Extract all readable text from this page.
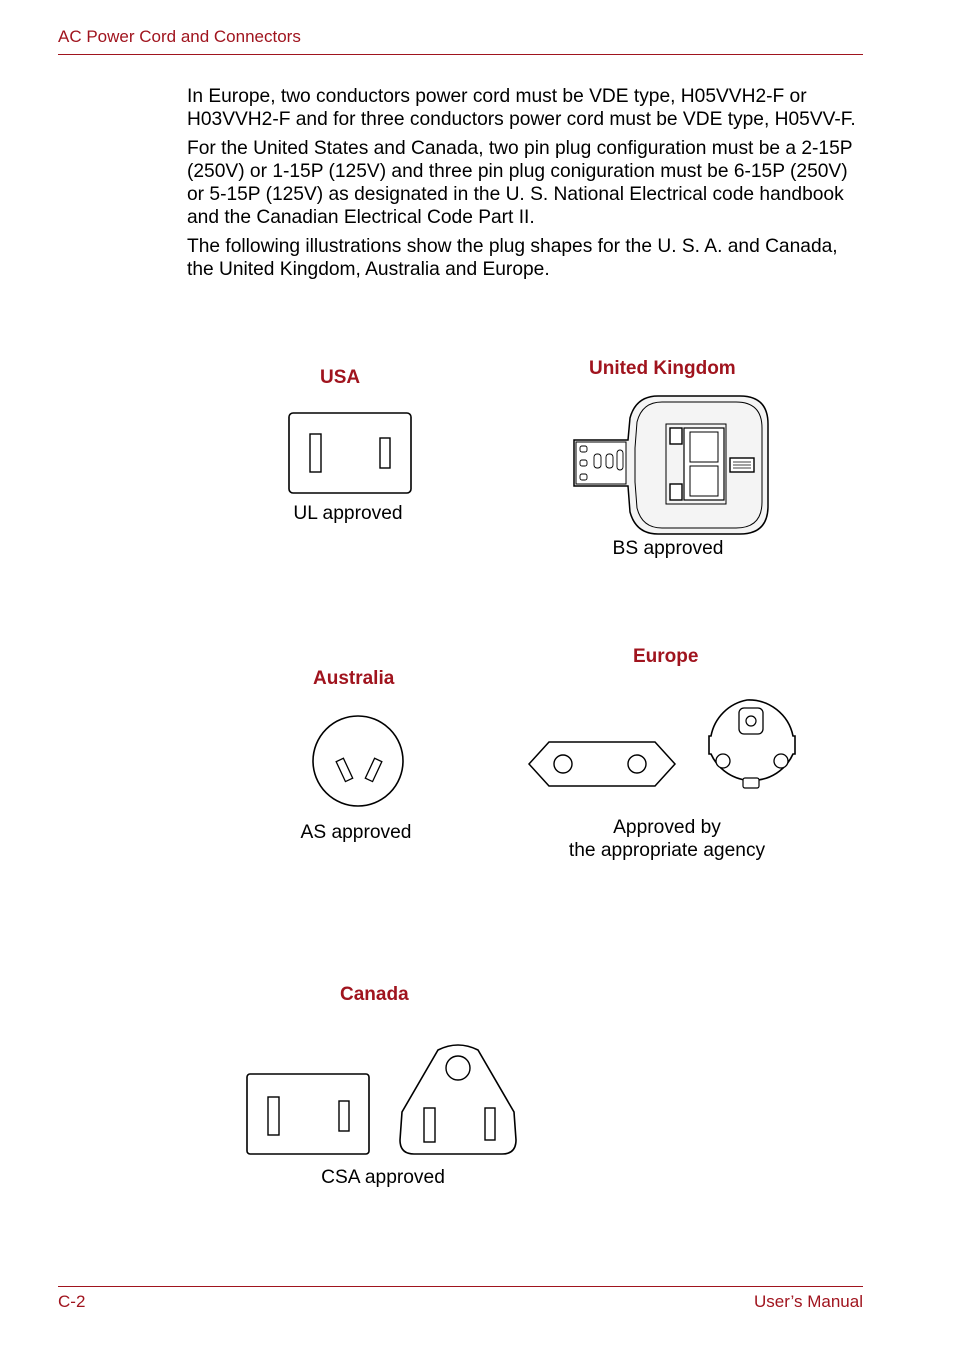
AC Power Cord and Connectors

In Europe, two conductors power cord must be VDE type, H05VVH2-F or H03VVH2-F and for three conductors power cord must be VDE type, H05VV-F.

For the United States and Canada, two pin plug configuration must be a 2-15P (250V) or 1-15P (125V) and three pin plug coniguration must be 6-15P (250V) or 5-15P (125V) as designated in the U. S. National Electrical code handbook and the Canadian Electrical Code Part II.

The following illustrations show the plug shapes for the U. S. A. and Canada, the United Kingdom, Australia and Europe.

USA
UL approved
United Kingdom
BS approved
Australia
AS approved
Europe
Approved by
the appropriate agency
Canada
CSA approved
C-2	User’s Manual
